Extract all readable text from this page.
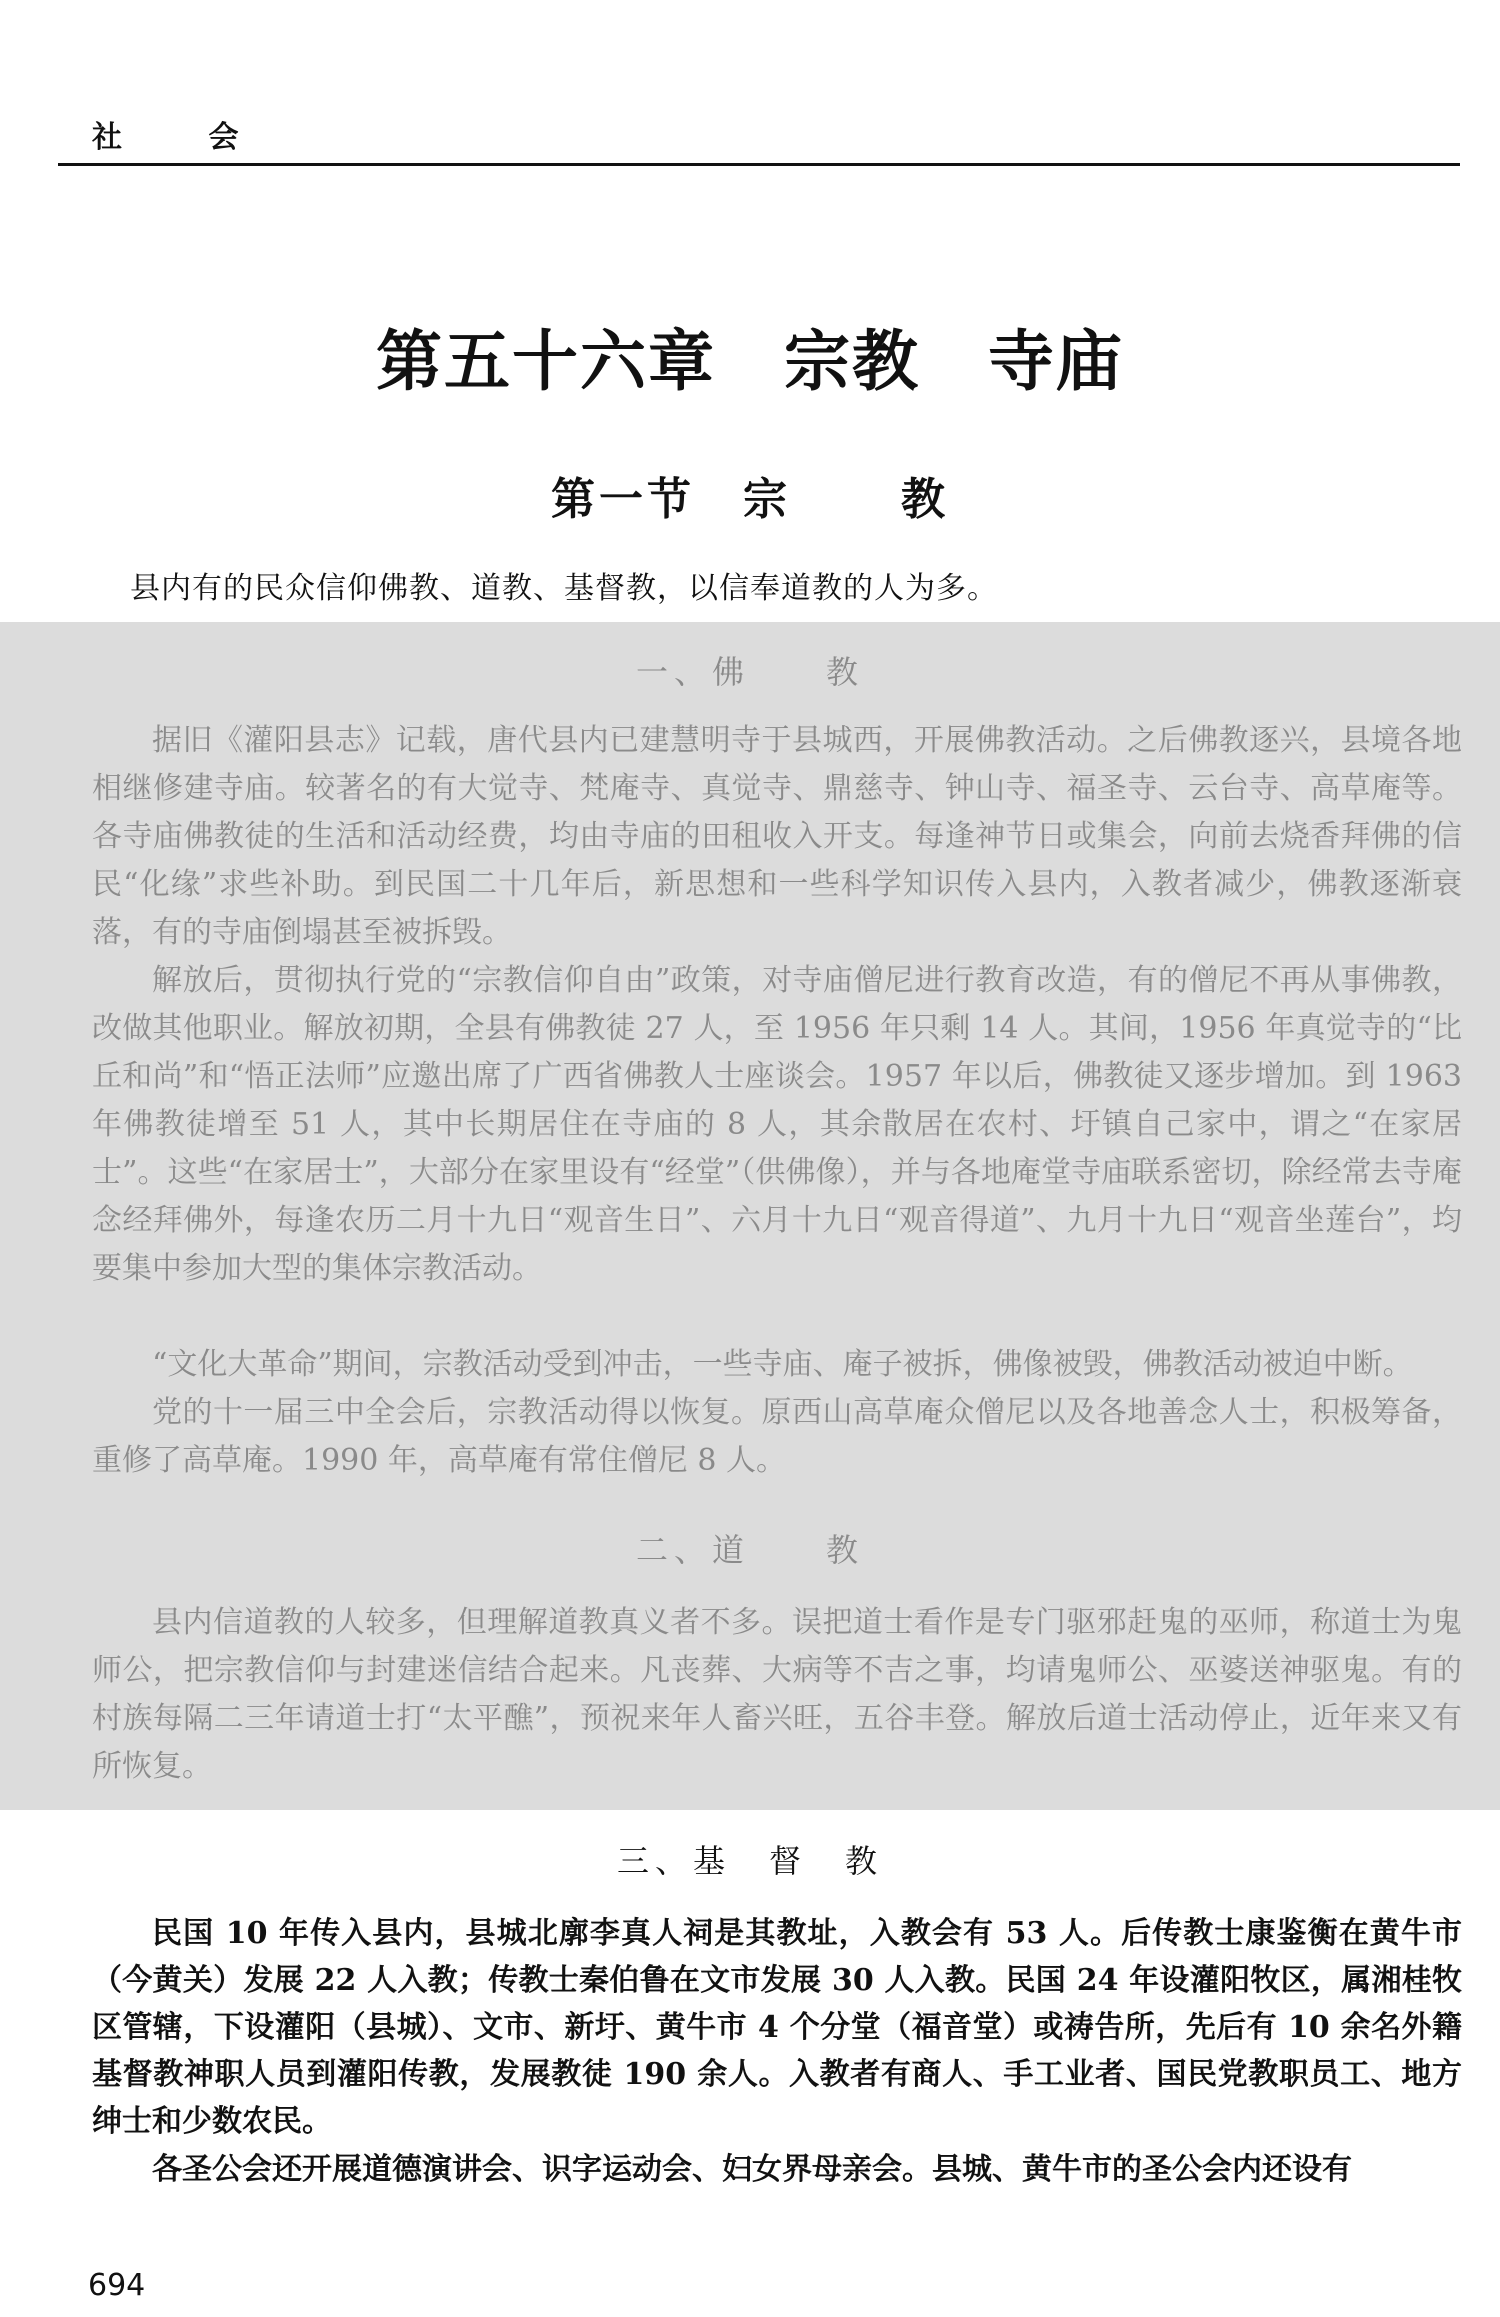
社 会
第五十六章　宗教　寺庙
第一节　宗	教
县内有的民众信仰佛教、道教、基督教，以信奉道教的人为多。
一、佛　　教

据旧《灌阳县志》记载，唐代县内已建慧明寺于县城西，开展佛教活动。之后佛教逐兴，县境各地相继修建寺庙。较著名的有大觉寺、梵庵寺、真觉寺、鼎慈寺、钟山寺、福圣寺、云台寺、高草庵等。各寺庙佛教徒的生活和活动经费，均由寺庙的田租收入开支。每逢神节日或集会，向前去烧香拜佛的信民“化缘”求些补助。到民国二十几年后，新思想和一些科学知识传入县内，入教者减少，佛教逐渐衰落，有的寺庙倒塌甚至被拆毁。

解放后，贯彻执行党的“宗教信仰自由”政策，对寺庙僧尼进行教育改造，有的僧尼不再从事佛教，改做其他职业。解放初期，全县有佛教徒 27 人，至 1956 年只剩 14 人。其间，1956 年真觉寺的“比丘和尚”和“悟正法师”应邀出席了广西省佛教人士座谈会。1957 年以后，佛教徒又逐步增加。到 1963 年佛教徒增至 51 人，其中长期居住在寺庙的 8 人，其余散居在农村、圩镇自己家中，谓之“在家居士”。这些“在家居士”，大部分在家里设有“经堂”（供佛像），并与各地庵堂寺庙联系密切，除经常去寺庵念经拜佛外，每逢农历二月十九日“观音生日”、六月十九日“观音得道”、九月十九日“观音坐莲台”，均要集中参加大型的集体宗教活动。

“文化大革命”期间，宗教活动受到冲击，一些寺庙、庵子被拆，佛像被毁，佛教活动被迫中断。

党的十一届三中全会后，宗教活动得以恢复。原西山高草庵众僧尼以及各地善念人士，积极筹备，重修了高草庵。1990 年，高草庵有常住僧尼 8 人。

二、道　　教

县内信道教的人较多，但理解道教真义者不多。误把道士看作是专门驱邪赶鬼的巫师，称道士为鬼师公，把宗教信仰与封建迷信结合起来。凡丧葬、大病等不吉之事，均请鬼师公、巫婆送神驱鬼。有的村族每隔二三年请道士打“太平醮”，预祝来年人畜兴旺，五谷丰登。解放后道士活动停止，近年来又有所恢复。

三、基　督　教

民国 10 年传入县内，县城北廓李真人祠是其教址，入教会有 53 人。后传教士康鉴衡在黄牛市（今黄关）发展 22 人入教；传教士秦伯鲁在文市发展 30 人入教。民国 24 年设灌阳牧区，属湘桂牧区管辖，下设灌阳（县城）、文市、新圩、黄牛市 4 个分堂（福音堂）或祷告所，先后有 10 余名外籍基督教神职人员到灌阳传教，发展教徒 190 余人。入教者有商人、手工业者、国民党教职员工、地方绅士和少数农民。

各圣公会还开展道德演讲会、识字运动会、妇女界母亲会。县城、黄牛市的圣公会内还设有

694
